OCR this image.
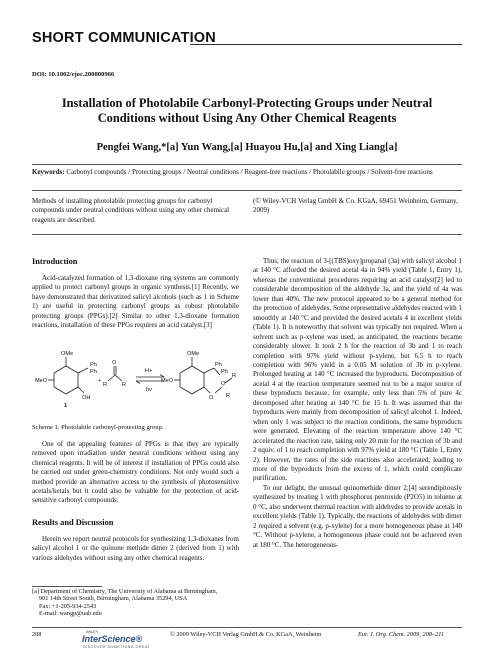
SHORT COMMUNICATION
DOI: 10.1002/ejoc.200800966
Installation of Photolabile Carbonyl-Protecting Groups under Neutral Conditions without Using Any Other Chemical Reagents
Pengfei Wang,*[a] Yun Wang,[a] Huayou Hu,[a] and Xing Liang[a]
Keywords: Carbonyl compounds / Protecting groups / Neutral conditions / Reagent-free reactions / Photolabile groups / Solvent-free reactions
Methods of installing photolabile protecting groups for carbonyl compounds under neutral conditions without using any other chemical reagents are described.
(© Wiley-VCH Verlag GmbH & Co. KGaA, 69451 Weinheim, Germany, 2009)
Introduction

Acid-catalyzed formation of 1,3-dioxane ring systems are commonly applied to protect carbonyl groups in organic synthesis.[1] Recently, we have demonstrated that derivatized salicyl alcohols (such as 1 in Scheme 1) are useful in protecting carbonyl groups as robust photolabile protecting groups (PPGs).[2] Similar to other 1,3-dioxane formation reactions, installation of these PPGs requires an acid catalyst.[3]

OMe
Ph
Ph
MeO
OH
1
+
O
R	R
H+
hν
OMe
MeO
Ph
Ph
O
O
R
R
Scheme 1. Photolabile carbonyl-protecting group.

One of the appealing features of PPGs is that they are typically removed upon irradiation under neutral conditions without using any chemical reagents. It will be of interest if installation of PPGs could also be carried out under green-chemistry conditions. Not only would such a method provide an alternative access to the synthesis of photosensitive acetals/ketals but it could also be valuable for the protection of acid-sensitive carbonyl compounds.

Results and Discussion

Herein we report neutral protocols for synthesizing 1,3-dioxanes from salicyl alcohol 1 or the quinone methide dimer 2 (derived from 1) with various aldehydes without using any other chemical reagents.

Thus, the reaction of 3-[(TBS)oxy]propanal (3a) with salicyl alcohol 1 at 140 °C afforded the desired acetal 4a in 94% yield (Table 1, Entry 1), whereas the conventional procedures requiring an acid catalyst[2] led to considerable decomposition of the aldehyde 3a, and the yield of 4a was lower than 40%. The new protocol appeared to be a general method for the protection of aldehydes. Some representative aldehydes reacted with 1 smoothly at 140 °C and provided the desired acetals 4 in excellent yields (Table 1). It is noteworthy that solvent was typically not required. When a solvent such as p-xylene was used, as anticipated, the reactions became considerably slower. It took 2 h for the reaction of 3b and 1 to reach completion with 97% yield without p-xylene, but 6.5 h to reach completion with 96% yield in a 0.05 M solution of 3b in p-xylene. Prolonged heating at 140 °C increased the byproducts. Decomposition of acetal 4 at the reaction temperature seemed not to be a major source of these byproducts because, for example, only less than 5% of pure 4c decomposed after heating at 140 °C for 15 h. It was assumed that the byproducts were mainly from decomposition of salicyl alcohol 1. Indeed, when only 1 was subject to the reaction conditions, the same byproducts were generated. Elevating of the reaction temperature above 140 °C accelerated the reaction rate, taking only 20 min for the reaction of 3b and 2 equiv. of 1 to reach completion with 97% yield at 180 °C (Table 1, Entry 2). However, the rates of the side reactions also accelerated, leading to more of the byproducts from the excess of 1, which could complicate purification.

To our delight, the unusual quinomethide dimer 2,[4] serendipitously synthesized by treating 1 with phosphorus pentoxide (P2O5) in toluene at 0 °C, also underwent thermal reaction with aldehydes to provide acetals in excellent yields (Table 1). Typically, the reactions of aldehydes with dimer 2 required a solvent (e.g. p-xylene) for a more homogeneous phase at 140 °C. Without p-xylene, a homogeneous phase could not be achieved even at 180 °C. The heterogeneous-

[a] Department of Chemistry, The University of Alabama at Birmingham,
901 14th Street South, Birmingham, Alabama 35294, USA
Fax: +1-205-934-2543
E-mail: wangp@uab.edu
208	WILEY
InterScience®
DISCOVER SOMETHING GREAT
© 2009 Wiley-VCH Verlag GmbH & Co. KGaA, Weinheim	Eur. J. Org. Chem. 2009, 208–211
